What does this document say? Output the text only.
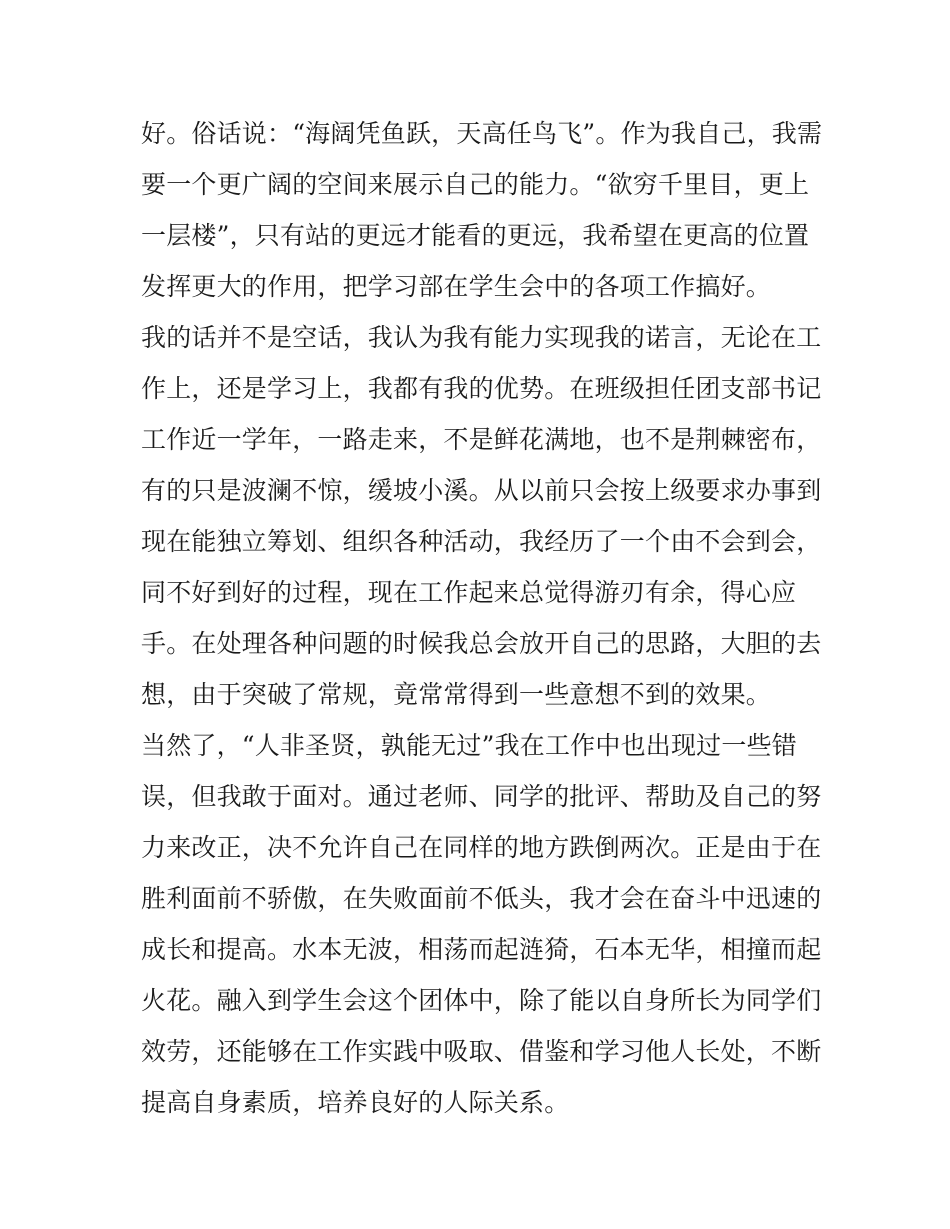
好。俗话说：“海阔凭鱼跃，天高任鸟飞”。作为我自己，我需
要一个更广阔的空间来展示自己的能力。“欲穷千里目，更上
一层楼”，只有站的更远才能看的更远，我希望在更高的位置
发挥更大的作用，把学习部在学生会中的各项工作搞好。
我的话并不是空话，我认为我有能力实现我的诺言，无论在工
作上，还是学习上，我都有我的优势。在班级担任团支部书记
工作近一学年，一路走来，不是鲜花满地，也不是荆棘密布，
有的只是波澜不惊，缓坡小溪。从以前只会按上级要求办事到
现在能独立筹划、组织各种活动，我经历了一个由不会到会，
同不好到好的过程，现在工作起来总觉得游刃有余，得心应
手。在处理各种问题的时候我总会放开自己的思路，大胆的去
想，由于突破了常规，竟常常得到一些意想不到的效果。
当然了，“人非圣贤，孰能无过”我在工作中也出现过一些错
误，但我敢于面对。通过老师、同学的批评、帮助及自己的努
力来改正，决不允许自己在同样的地方跌倒两次。正是由于在
胜利面前不骄傲，在失败面前不低头，我才会在奋斗中迅速的
成长和提高。水本无波，相荡而起涟猗，石本无华，相撞而起
火花。融入到学生会这个团体中，除了能以自身所长为同学们
效劳，还能够在工作实践中吸取、借鉴和学习他人长处，不断
提高自身素质，培养良好的人际关系。
